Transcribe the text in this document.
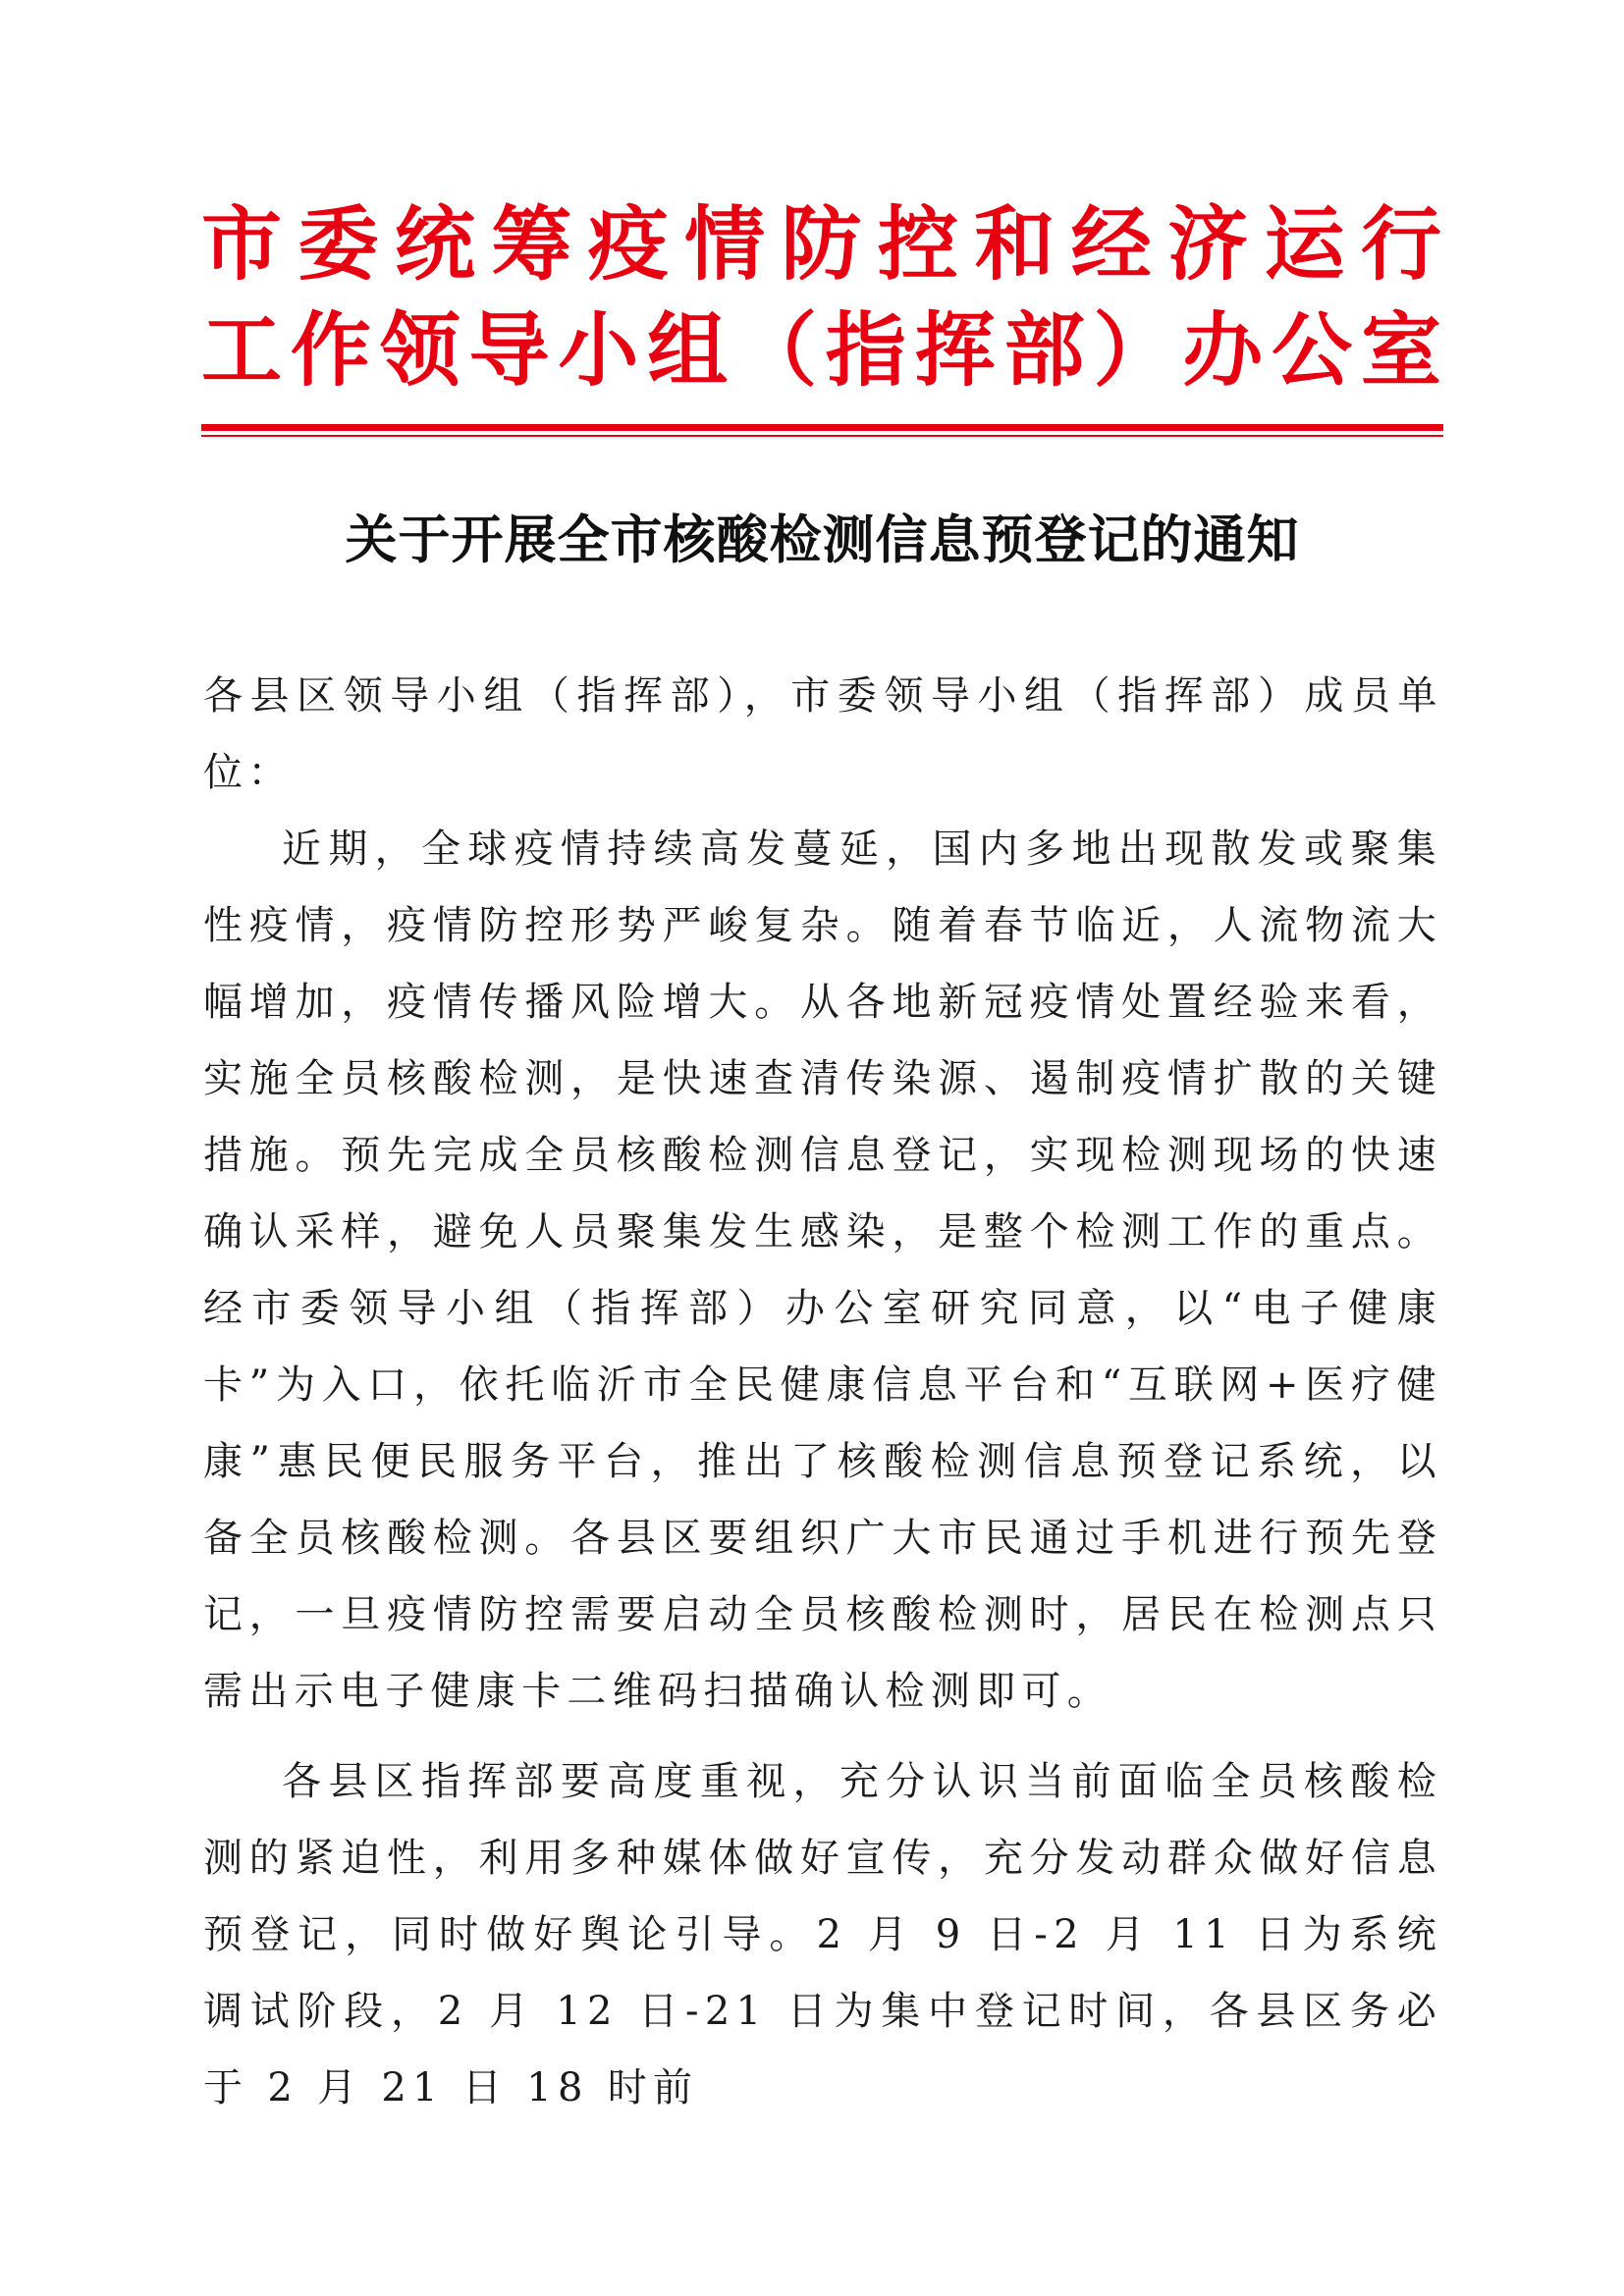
市委统筹疫情防控和经济运行
工作领导小组（指挥部）办公室
关于开展全市核酸检测信息预登记的通知

各县区领导小组（指挥部），市委领导小组（指挥部）成员单位：

近期，全球疫情持续高发蔓延，国内多地出现散发或聚集性疫情，疫情防控形势严峻复杂。随着春节临近，人流物流大幅增加，疫情传播风险增大。从各地新冠疫情处置经验来看，实施全员核酸检测，是快速查清传染源、遏制疫情扩散的关键措施。预先完成全员核酸检测信息登记，实现检测现场的快速确认采样，避免人员聚集发生感染，是整个检测工作的重点。经市委领导小组（指挥部）办公室研究同意，以“电子健康卡”为入口，依托临沂市全民健康信息平台和“互联网+医疗健康”惠民便民服务平台，推出了核酸检测信息预登记系统，以备全员核酸检测。各县区要组织广大市民通过手机进行预先登记，一旦疫情防控需要启动全员核酸检测时，居民在检测点只需出示电子健康卡二维码扫描确认检测即可。

各县区指挥部要高度重视，充分认识当前面临全员核酸检测的紧迫性，利用多种媒体做好宣传，充分发动群众做好信息预登记，同时做好舆论引导。2 月 9 日-2 月 11 日为系统调试阶段，2 月 12 日-21 日为集中登记时间，各县区务必于 2 月 21 日 18 时前
